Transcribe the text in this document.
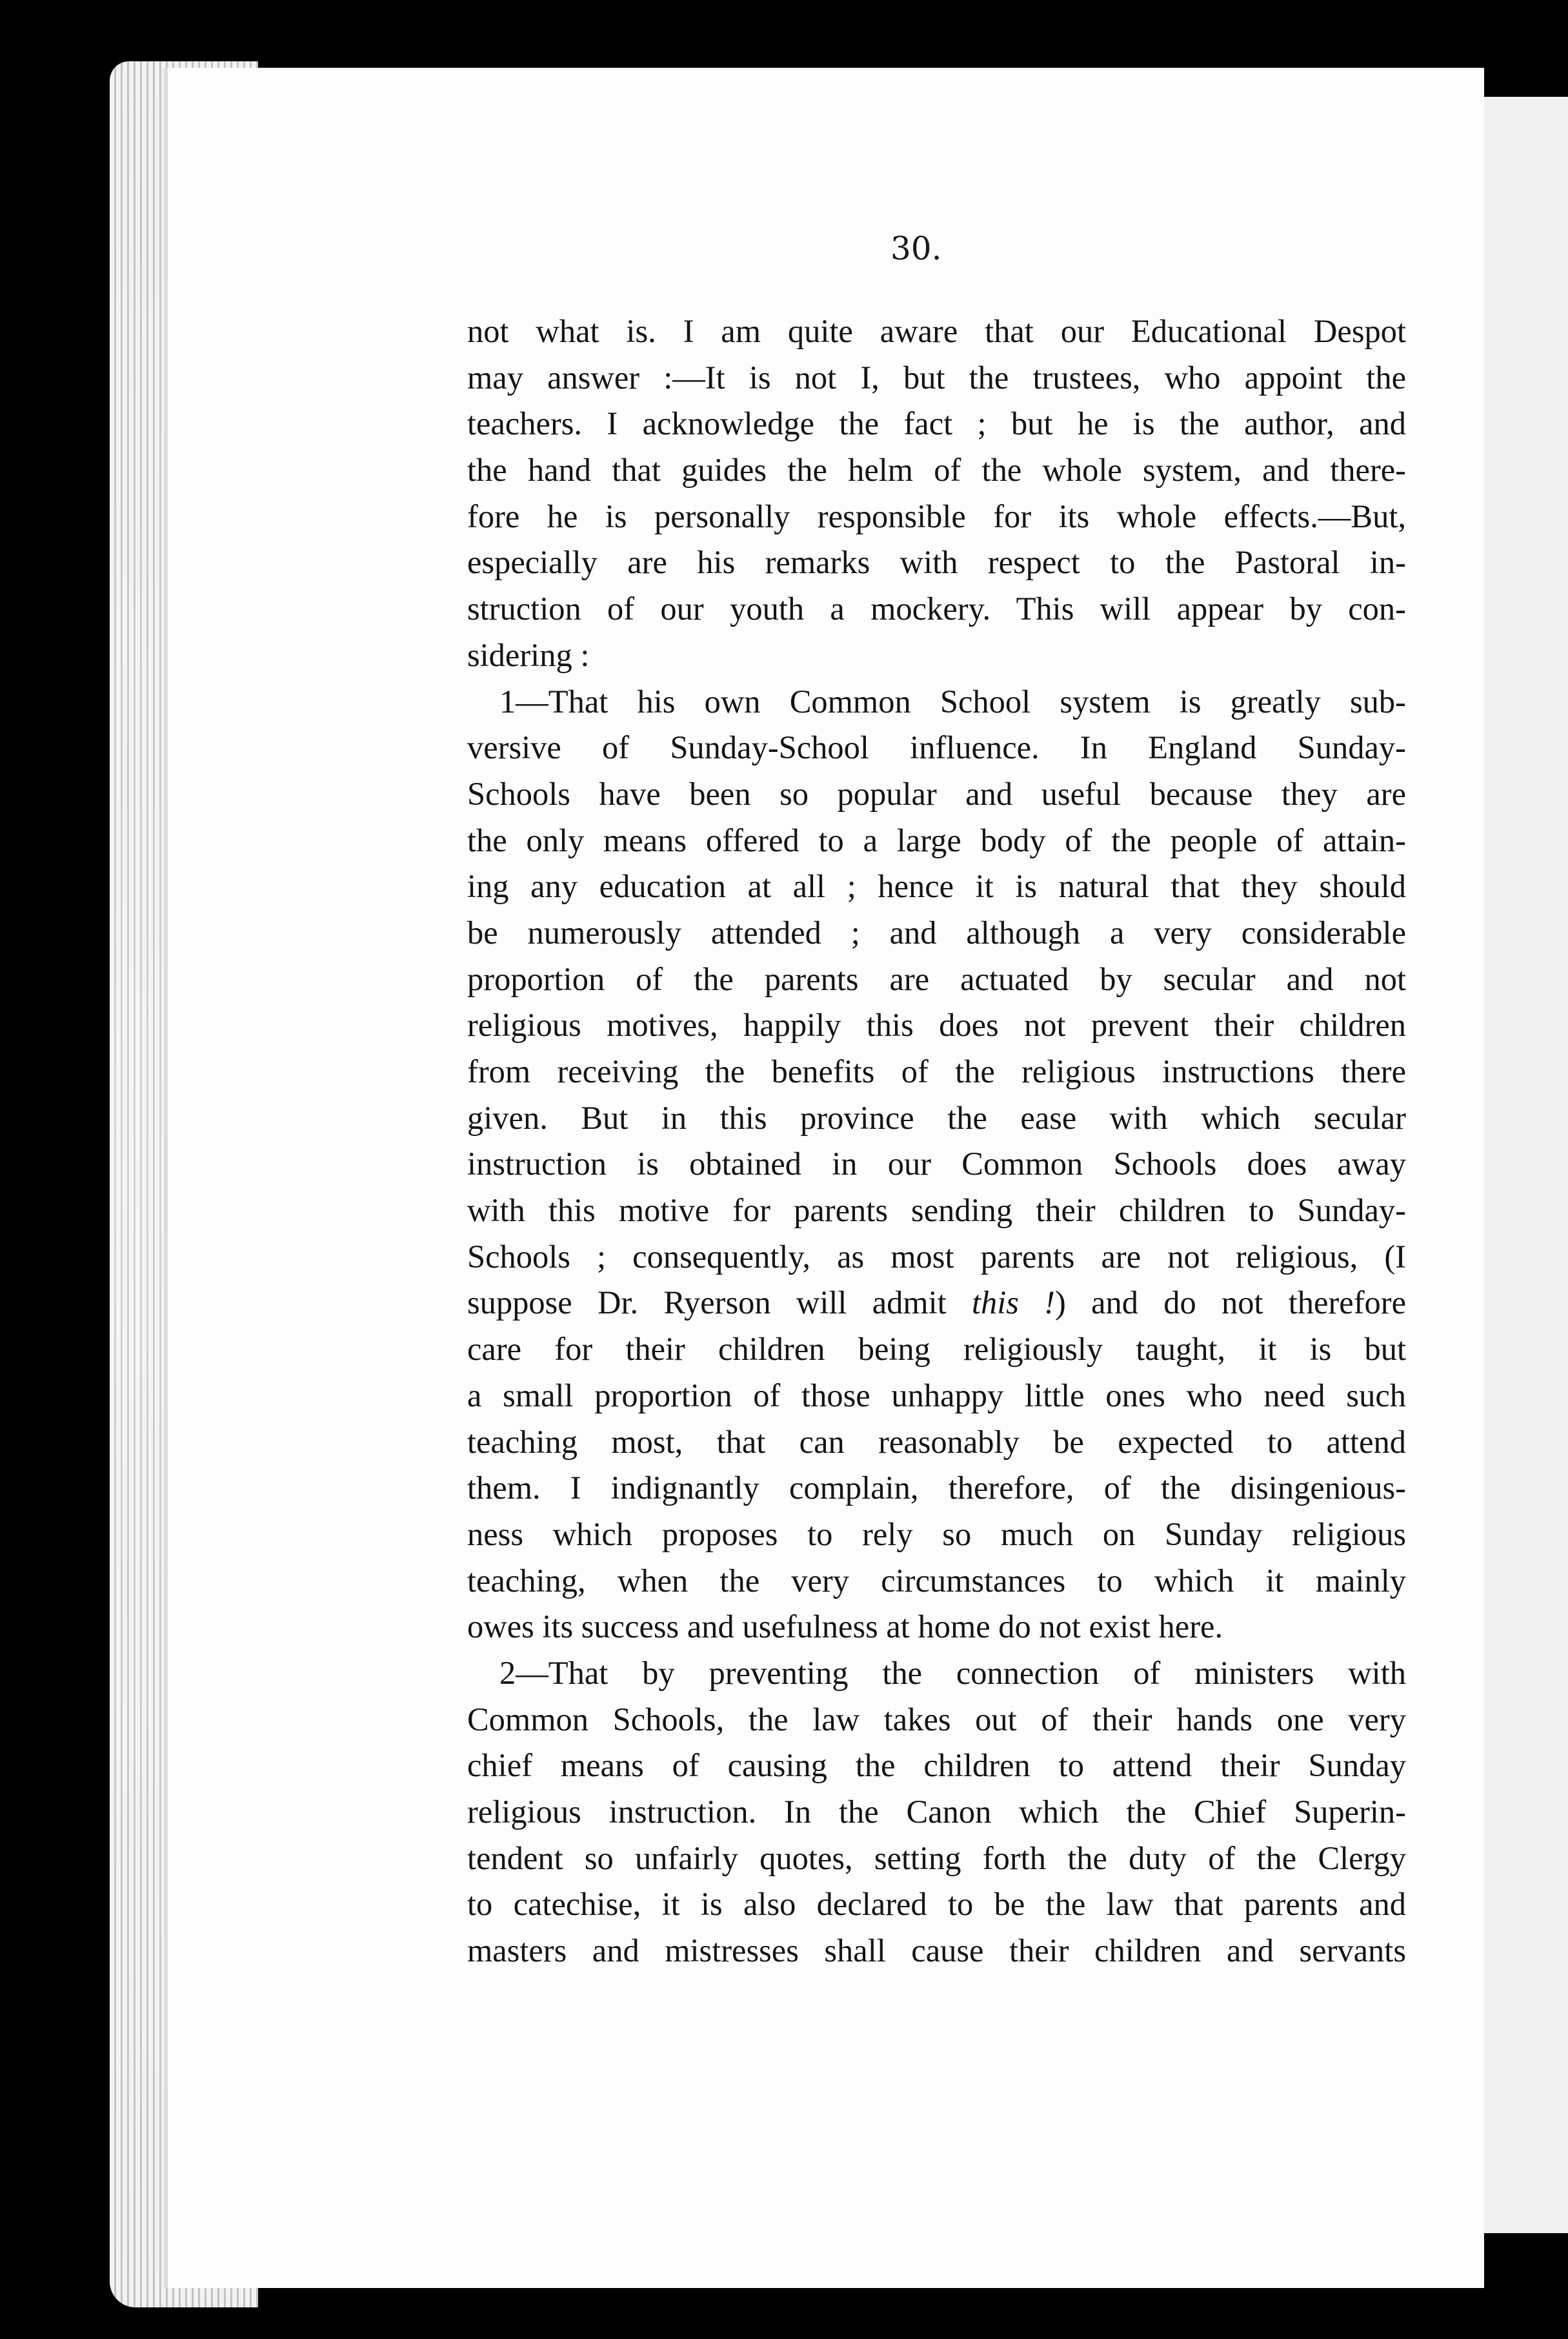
30.
not what is. I am quite aware that our Educational Despot
may answer :—It is not I, but the trustees, who appoint the
teachers. I acknowledge the fact ; but he is the author, and
the hand that guides the helm of the whole system, and there-
fore he is personally responsible for its whole effects.—But,
especially are his remarks with respect to the Pastoral in-
struction of our youth a mockery. This will appear by con-
sidering :
1—That his own Common School system is greatly sub-
versive of Sunday-School influence. In England Sunday-
Schools have been so popular and useful because they are
the only means offered to a large body of the people of attain-
ing any education at all ; hence it is natural that they should
be numerously attended ; and although a very considerable
proportion of the parents are actuated by secular and not
religious motives, happily this does not prevent their children
from receiving the benefits of the religious instructions there
given. But in this province the ease with which secular
instruction is obtained in our Common Schools does away
with this motive for parents sending their children to Sunday-
Schools ; consequently, as most parents are not religious, (I
suppose Dr. Ryerson will admit this !) and do not therefore
care for their children being religiously taught, it is but
a small proportion of those unhappy little ones who need such
teaching most, that can reasonably be expected to attend
them. I indignantly complain, therefore, of the disingenious-
ness which proposes to rely so much on Sunday religious
teaching, when the very circumstances to which it mainly
owes its success and usefulness at home do not exist here.
2—That by preventing the connection of ministers with
Common Schools, the law takes out of their hands one very
chief means of causing the children to attend their Sunday
religious instruction. In the Canon which the Chief Superin-
tendent so unfairly quotes, setting forth the duty of the Clergy
to catechise, it is also declared to be the law that parents and
masters and mistresses shall cause their children and servants
